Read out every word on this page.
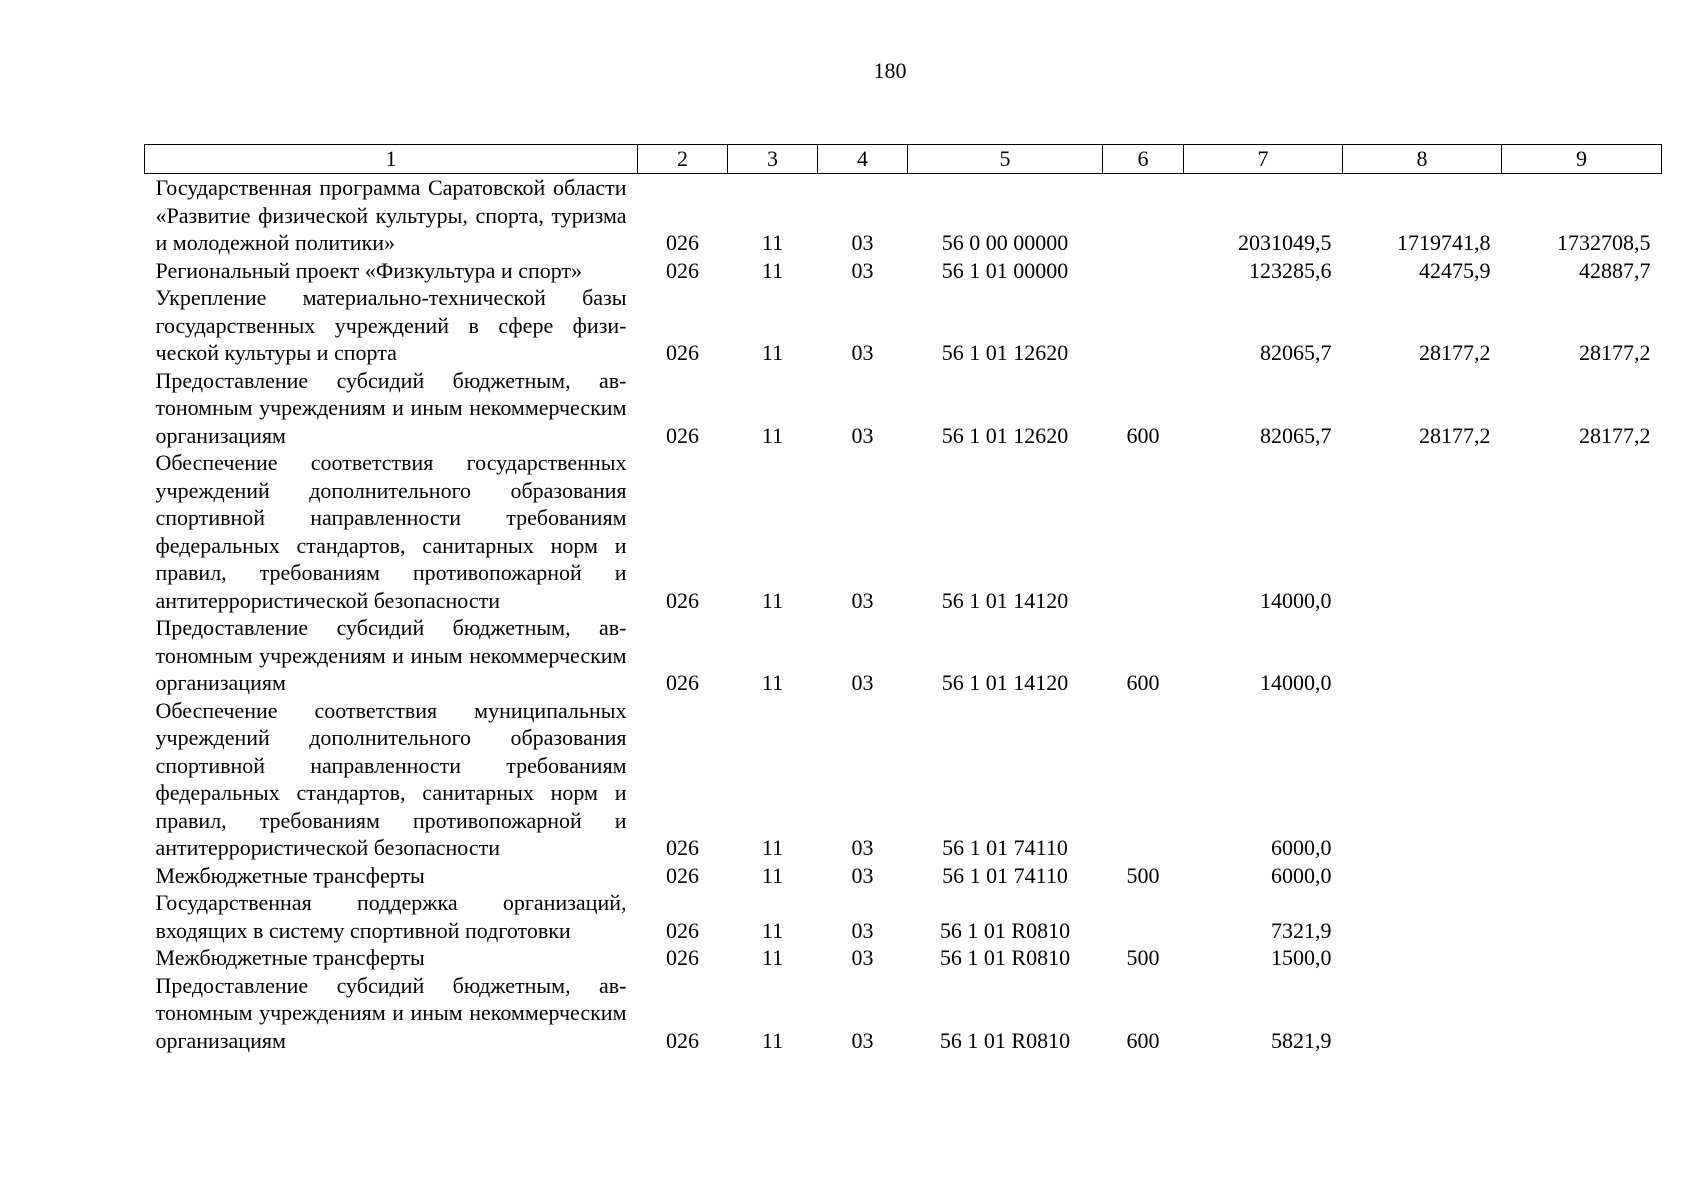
180
1	2	3	4	5	6	7	8	9
Государственная программа Саратовской области «Развитие физической культуры, спорта, туризма и молодежной политики»	026	11	03	56 0 00 00000		2031049,5	1719741,8	1732708,5
Региональный проект «Физкультура и спорт»	026	11	03	56 1 01 00000		123285,6	42475,9	42887,7
Укрепление материально-технической базы государственных учреждений в сфере физической культуры и спорта	026	11	03	56 1 01 12620		82065,7	28177,2	28177,2
Предоставление субсидий бюджетным, автономным учреждениям и иным некоммерческим организациям	026	11	03	56 1 01 12620	600	82065,7	28177,2	28177,2
Обеспечение соответствия государственных учреждений дополнительного образования спортивной направленности требованиям федеральных стандартов, санитарных норм и правил, требованиям противопожарной и антитеррористической безопасности	026	11	03	56 1 01 14120		14000,0		
Предоставление субсидий бюджетным, автономным учреждениям и иным некоммерческим организациям	026	11	03	56 1 01 14120	600	14000,0		
Обеспечение соответствия муниципальных учреждений дополнительного образования спортивной направленности требованиям федеральных стандартов, санитарных норм и правил, требованиям противопожарной и антитеррористической безопасности	026	11	03	56 1 01 74110		6000,0		
Межбюджетные трансферты	026	11	03	56 1 01 74110	500	6000,0		
Государственная поддержка организаций, входящих в систему спортивной подготовки	026	11	03	56 1 01 R0810		7321,9		
Межбюджетные трансферты	026	11	03	56 1 01 R0810	500	1500,0		
Предоставление субсидий бюджетным, автономным учреждениям и иным некоммерческим организациям	026	11	03	56 1 01 R0810	600	5821,9		
